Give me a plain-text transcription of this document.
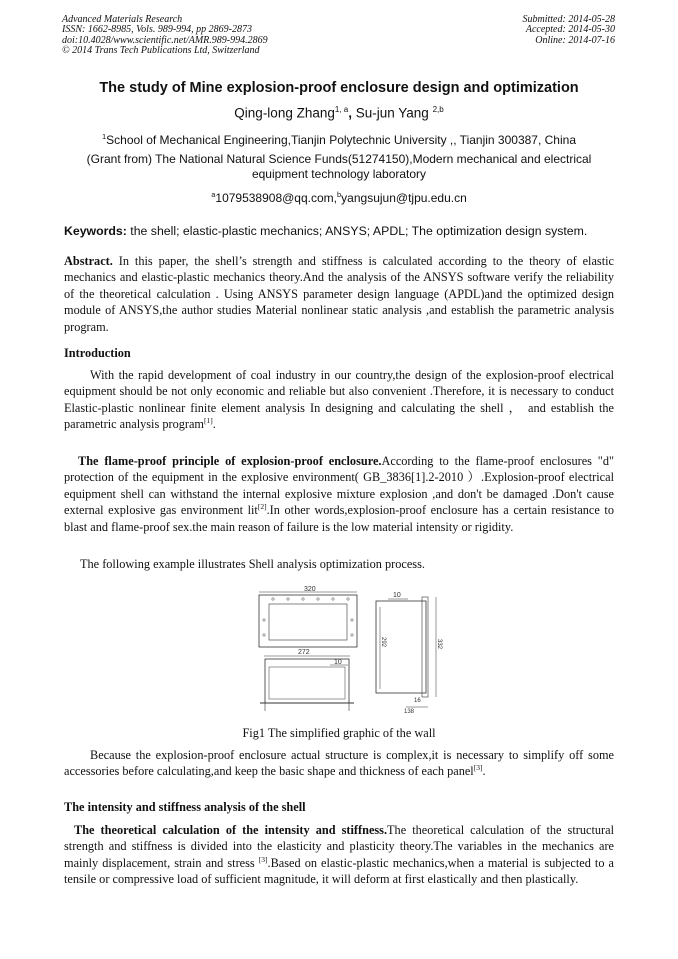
Advanced Materials Research
ISSN: 1662-8985, Vols. 989-994, pp 2869-2873
doi:10.4028/www.scientific.net/AMR.989-994.2869
© 2014 Trans Tech Publications Ltd, Switzerland
Submitted: 2014-05-28
Accepted: 2014-05-30
Online: 2014-07-16
The study of Mine explosion-proof enclosure design and optimization
Qing-long Zhang$^{1, a}$, Su-jun Yang $^{2,b}$
$^1$School of Mechanical Engineering,Tianjin Polytechnic University ,, Tianjin 300387, China
(Grant from) The National Natural Science Funds(51274150),Modern mechanical and electrical equipment technology laboratory
$^a$1079538908@qq.com,$^b$yangsujun@tjpu.edu.cn
Keywords: the shell; elastic-plastic mechanics; ANSYS; APDL; The optimization design system.
Abstract. In this paper, the shell’s strength and stiffness is calculated according to the theory of elastic mechanics and elastic-plastic mechanics theory.And the analysis of the ANSYS software verify the reliability of the theoretical calculation . Using ANSYS parameter design language (APDL)and the optimized design module of ANSYS,the author studies Material nonlinear static analysis ,and establish the parametric analysis program.
Introduction
With the rapid development of coal industry in our country,the design of the explosion-proof electrical equipment should be not only economic and reliable but also convenient .Therefore, it is necessary to conduct Elastic-plastic nonlinear finite element analysis In designing and calculating the shell ， and establish the parametric analysis program[1].
The flame-proof principle of explosion-proof enclosure.According to the flame-proof enclosures "d" protection of the equipment in the explosive environment( GB_3836[1].2-2010 ）.Explosion-proof electrical equipment shell can withstand the internal explosive mixture explosion ,and don't be damaged .Don't cause external explosive gas environment lit[2].In other words,explosion-proof enclosure has a certain resistance to blast and flame-proof sex.the main reason of failure is the low material intensity or rigidity.
The following example illustrates Shell analysis optimization process.
320
272
10
10
292	332
16
138
Fig1 The simplified graphic of the wall
Because the explosion-proof enclosure actual structure is complex,it is necessary to simplify off some accessories before calculating,and keep the basic shape and thickness of each panel[3].
The intensity and stiffness analysis of the shell
The theoretical calculation of the intensity and stiffness.The theoretical calculation of the structural strength and stiffness is divided into the elasticity and plasticity theory.The variables in the mechanics are mainly displacement, strain and stress [3].Based on elastic-plastic mechanics,when a material is subjected to a tensile or compressive load of sufficient magnitude, it will deform at first elastically and then plastically.
